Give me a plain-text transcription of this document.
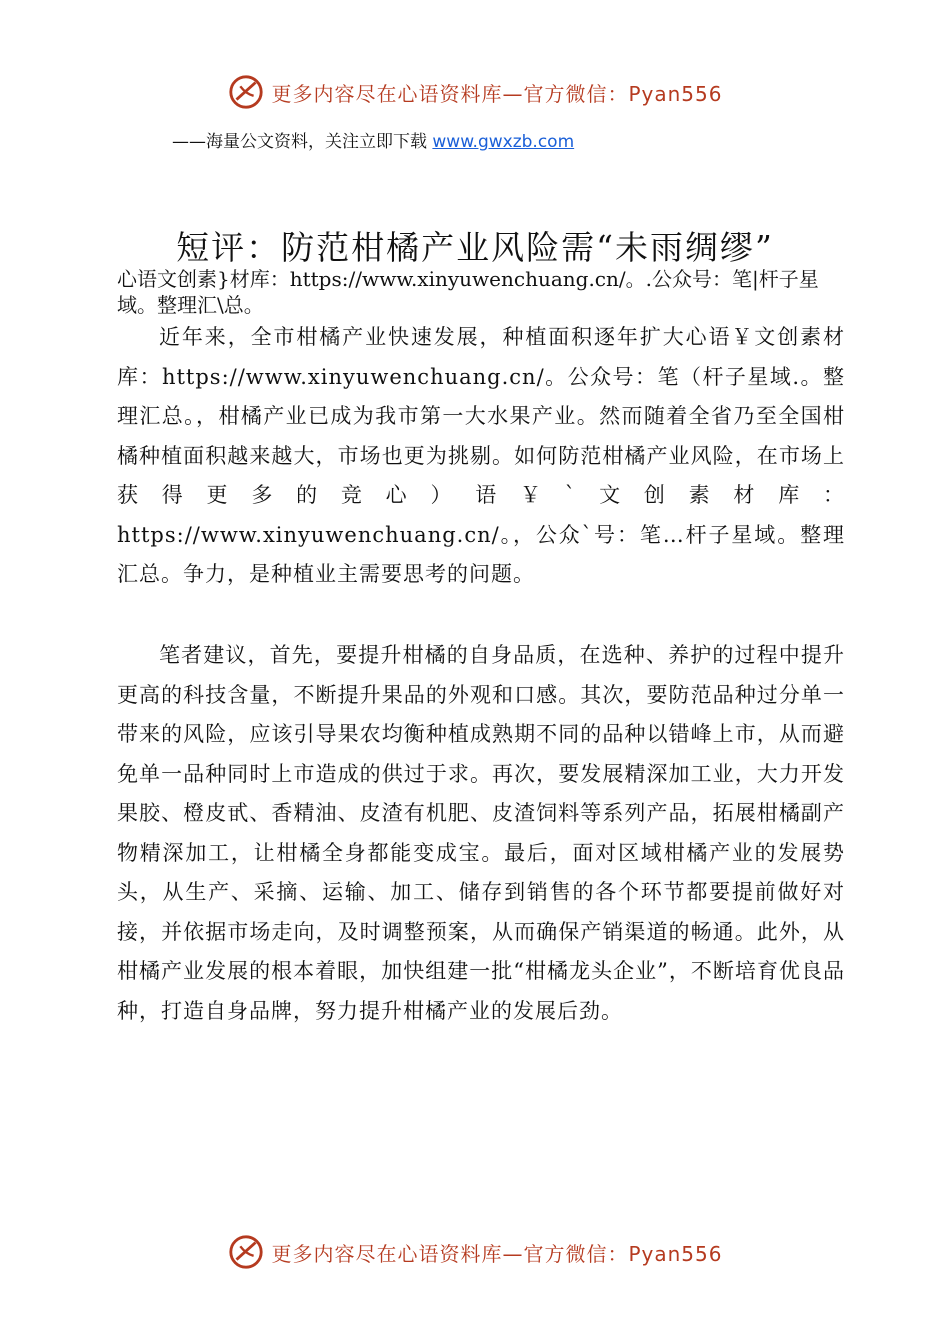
更多内容尽在心语资料库—官方微信：Pyan556
——海量公文资料，关注立即下载 www.gwxzb.com
短评：防范柑橘产业风险需“未雨绸缪”
心语文创素}材库：https://www.xinyuwenchuang.cn/。.公众号：笔|杆子星域。整理汇\总。
近年来，全市柑橘产业快速发展，种植面积逐年扩大心语￥文创素材库：https://www.xinyuwenchuang.cn/。公众号：笔（杆子星域.。整理汇总。，柑橘产业已成为我市第一大水果产业。然而随着全省乃至全国柑橘种植面积越来越大，市场也更为挑剔。如何防范柑橘产业风险，在市场上获得更多的竞心）语￥`文创素材库：https://www.xinyuwenchuang.cn/。，公众`号：笔…杆子星域。整理汇总。争力，是种植业主需要思考的问题。
笔者建议，首先，要提升柑橘的自身品质，在选种、养护的过程中提升更高的科技含量，不断提升果品的外观和口感。其次，要防范品种过分单一带来的风险，应该引导果农均衡种植成熟期不同的品种以错峰上市，从而避免单一品种同时上市造成的供过于求。再次，要发展精深加工业，大力开发果胶、橙皮甙、香精油、皮渣有机肥、皮渣饲料等系列产品，拓展柑橘副产物精深加工，让柑橘全身都能变成宝。最后，面对区域柑橘产业的发展势头，从生产、采摘、运输、加工、储存到销售的各个环节都要提前做好对接，并依据市场走向，及时调整预案，从而确保产销渠道的畅通。此外，从柑橘产业发展的根本着眼，加快组建一批“柑橘龙头企业”，不断培育优良品种，打造自身品牌，努力提升柑橘产业的发展后劲。
更多内容尽在心语资料库—官方微信：Pyan556
